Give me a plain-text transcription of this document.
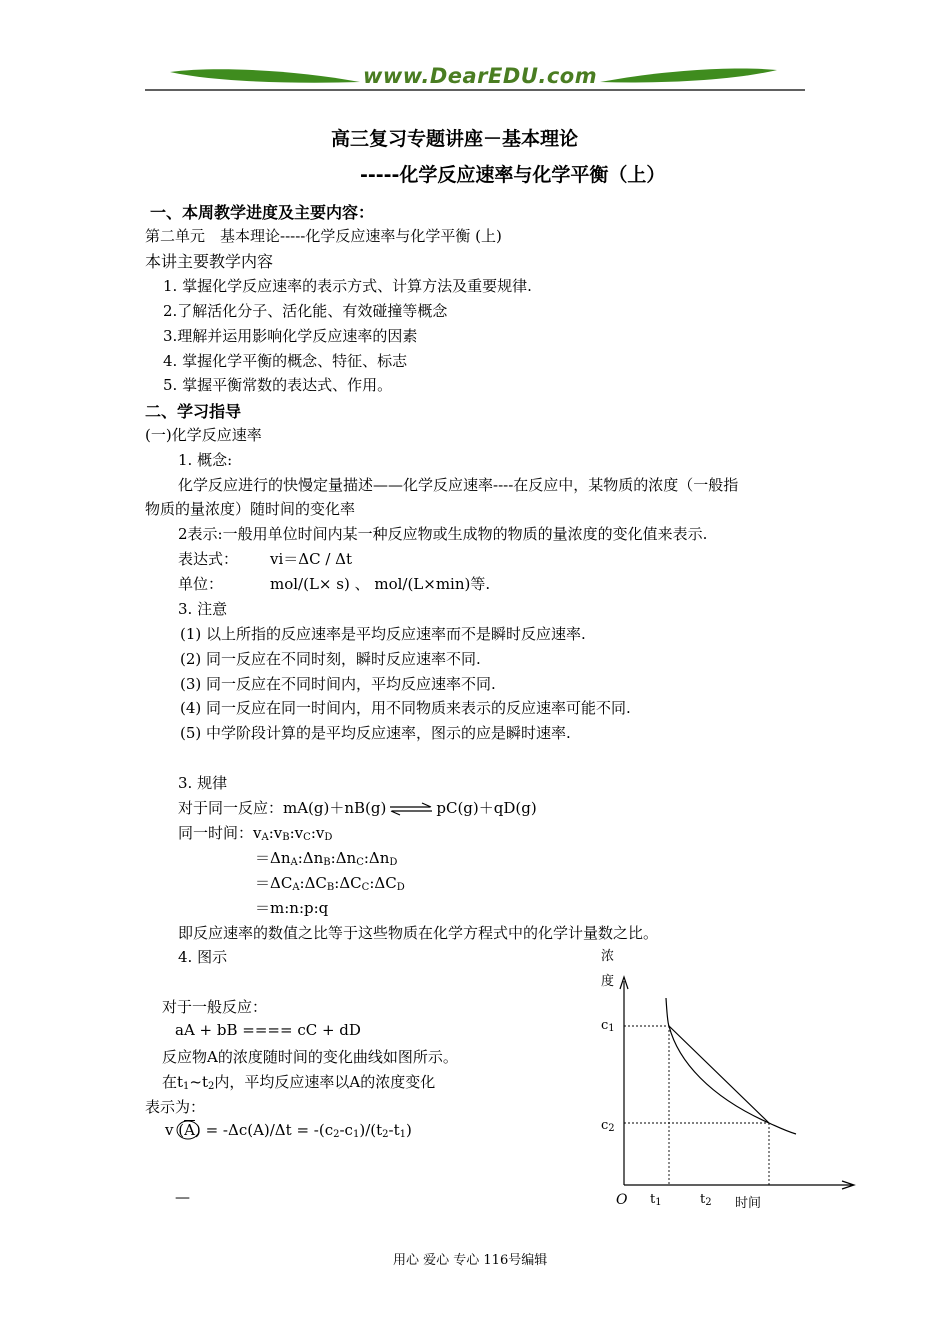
www.DearEDU.com
高三复习专题讲座－基本理论
-----化学反应速率与化学平衡（上）
一、本周教学进度及主要内容：
第二单元　基本理论-----化学反应速率与化学平衡 (上)
本讲主要教学内容
1. 掌握化学反应速率的表示方式、计算方法及重要规律.
2.了解活化分子、活化能、有效碰撞等概念
3.理解并运用影响化学反应速率的因素
4. 掌握化学平衡的概念、特征、标志
5. 掌握平衡常数的表达式、作用。
二、学习指导
(一)化学反应速率
1. 概念:
化学反应进行的快慢定量描述——化学反应速率----在反应中，某物质的浓度（一般指
物质的量浓度）随时间的变化率
2表示:一般用单位时间内某一种反应物或生成物的物质的量浓度的变化值来表示.
表达式： vi＝ΔC / Δt
单位：	mol/(L× s) 、 mol/(L×min)等.
3. 注意
(1) 以上所指的反应速率是平均反应速率而不是瞬时反应速率.
(2) 同一反应在不同时刻，瞬时反应速率不同.
(3) 同一反应在不同时间内，平均反应速率不同.
(4) 同一反应在同一时间内，用不同物质来表示的反应速率可能不同.
(5) 中学阶段计算的是平均反应速率，图示的应是瞬时速率.
3. 规律
对于同一反应：mA(g)＋nB(g) ⇌ pC(g)＋qD(g)
同一时间：$v_A:v_B:v_C:v_D$
$=\Delta n_A:\Delta n_B:\Delta n_C:\Delta n_D$
$=\Delta C_A:\Delta C_B:\Delta C_C:\Delta C_D$
＝m:n:p:q
即反应速率的数值之比等于这些物质在化学方程式中的化学计量数之比。
4. 图示
对于一般反应：
aA + bB ==== cC + dD
反应物A的浓度随时间的变化曲线如图所示。
在$t_1\sim t_2$内，平均反应速率以A的浓度变化
表示为：
v $(\overline{A}) = -\Delta c(A)/\Delta t = -(c_2-c_1)/(t_2-t_1)$
—
浓
度
$c_1$
$c_2$
O $t_1$	$t_2$ 时间
用心 爱心 专心 116号编辑
